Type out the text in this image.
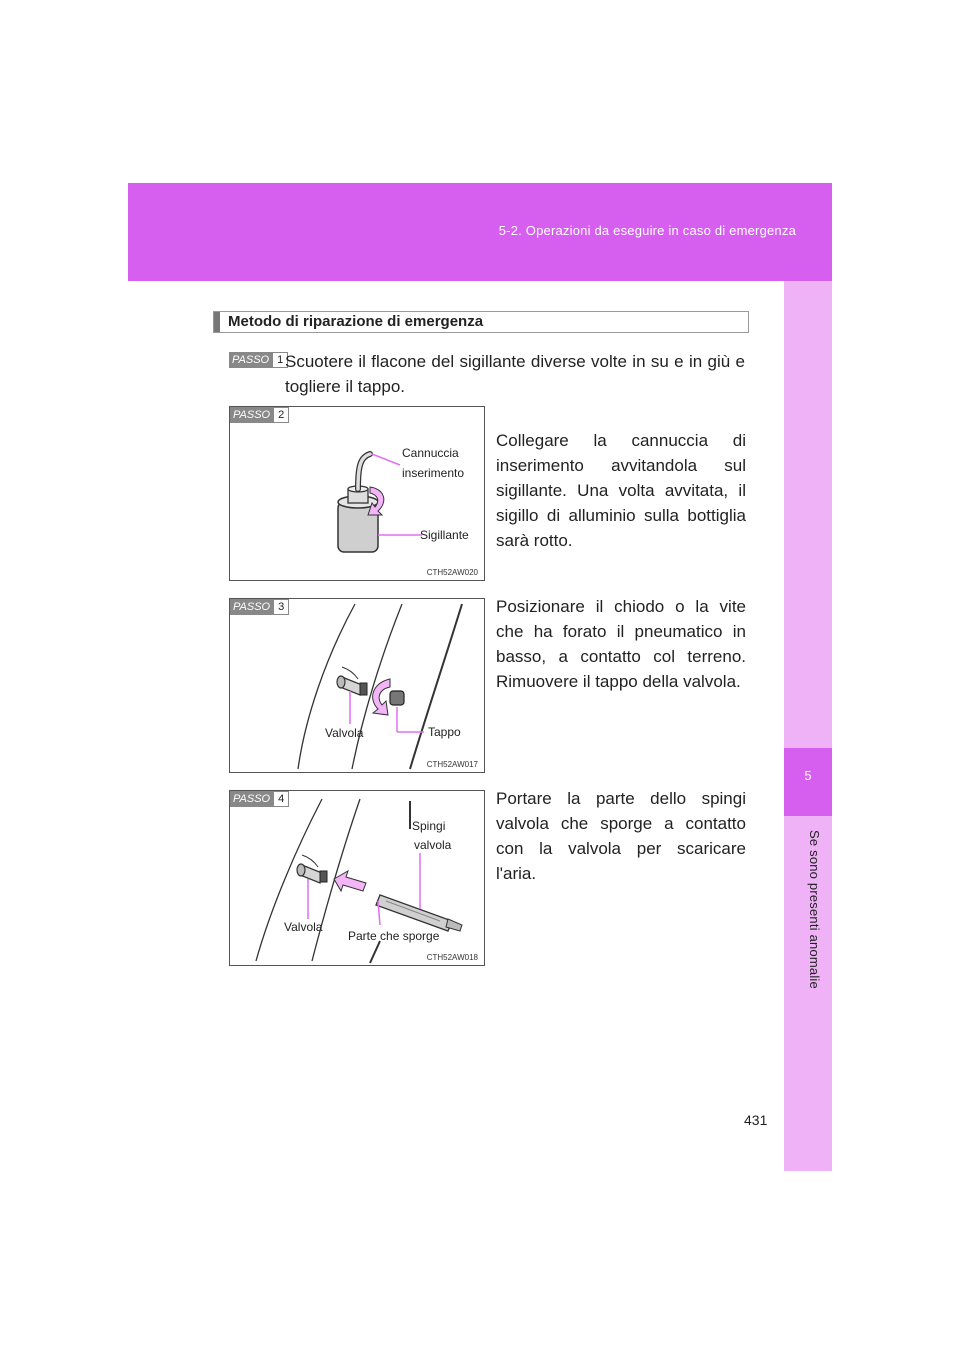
5-2. Operazioni da eseguire in caso di emergenza
5
Se sono presenti anomalie
Metodo di riparazione di emergenza
PASSO 1 Scuotere il flacone del sigillante diverse volte in su e in giù e togliere il tappo.
PASSO 2
Cannuccia
inserimento
Sigillante
CTH52AW020
Collegare la cannuccia di inserimento avvitandola sul sigillante. Una volta avvitata, il sigillo di alluminio sulla bottiglia sarà rotto.
PASSO 3
Valvola	Tappo
CTH52AW017
Posizionare il chiodo o la vite che ha forato il pneumatico in basso, a contatto col terreno. Rimuovere il tappo della valvola.
PASSO 4
Spingi
valvola
Valvola
Parte che sporge
CTH52AW018
Portare la parte dello spingi valvola che sporge a contatto con la valvola per scaricare l'aria.
431
